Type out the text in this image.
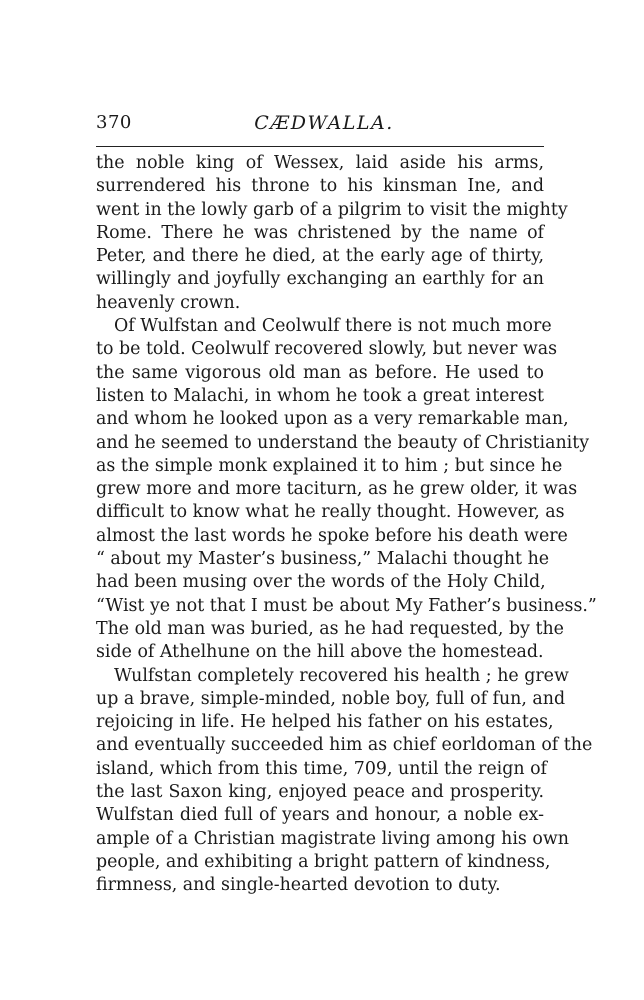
370	CÆDWALLA.
the noble king of Wessex, laid aside his arms,
surrendered his throne to his kinsman Ine, and
went in the lowly garb of a pilgrim to visit the mighty
Rome. There he was christened by the name of
Peter, and there he died, at the early age of thirty,
willingly and joyfully exchanging an earthly for an
heavenly crown.
Of Wulfstan and Ceolwulf there is not much more
to be told. Ceolwulf recovered slowly, but never was
the same vigorous old man as before. He used to
listen to Malachi, in whom he took a great interest
and whom he looked upon as a very remarkable man,
and he seemed to understand the beauty of Christianity
as the simple monk explained it to him ; but since he
grew more and more taciturn, as he grew older, it was
difficult to know what he really thought. However, as
almost the last words he spoke before his death were
“ about my Master’s business,” Malachi thought he
had been musing over the words of the Holy Child,
“Wist ye not that I must be about My Father’s business.”
The old man was buried, as he had requested, by the
side of Athelhune on the hill above the homestead.
Wulfstan completely recovered his health ; he grew
up a brave, simple-minded, noble boy, full of fun, and
rejoicing in life. He helped his father on his estates,
and eventually succeeded him as chief eorldoman of the
island, which from this time, 709, until the reign of
the last Saxon king, enjoyed peace and prosperity.
Wulfstan died full of years and honour, a noble ex-
ample of a Christian magistrate living among his own
people, and exhibiting a bright pattern of kindness,
firmness, and single-hearted devotion to duty.
